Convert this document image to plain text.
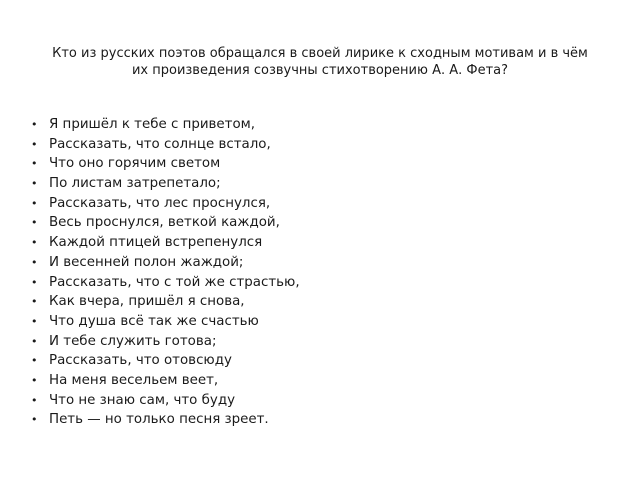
Кто из русских поэтов обращался в своей лирике к сходным мотивам и в чём
их произведения созвучны стихотворению А. А. Фета?
• Я пришёл к тебе с приветом,
• Рассказать, что солнце встало,
• Что оно горячим светом
• По листам затрепетало;
• Рассказать, что лес проснулся,
• Весь проснулся, веткой каждой,
• Каждой птицей встрепенулся
• И весенней полон жаждой;
• Рассказать, что с той же страстью,
• Как вчера, пришёл я снова,
• Что душа всё так же счастью
• И тебе служить готова;
• Рассказать, что отовсюду
• На меня весельем веет,
• Что не знаю сам, что буду
• Петь — но только песня зреет.
